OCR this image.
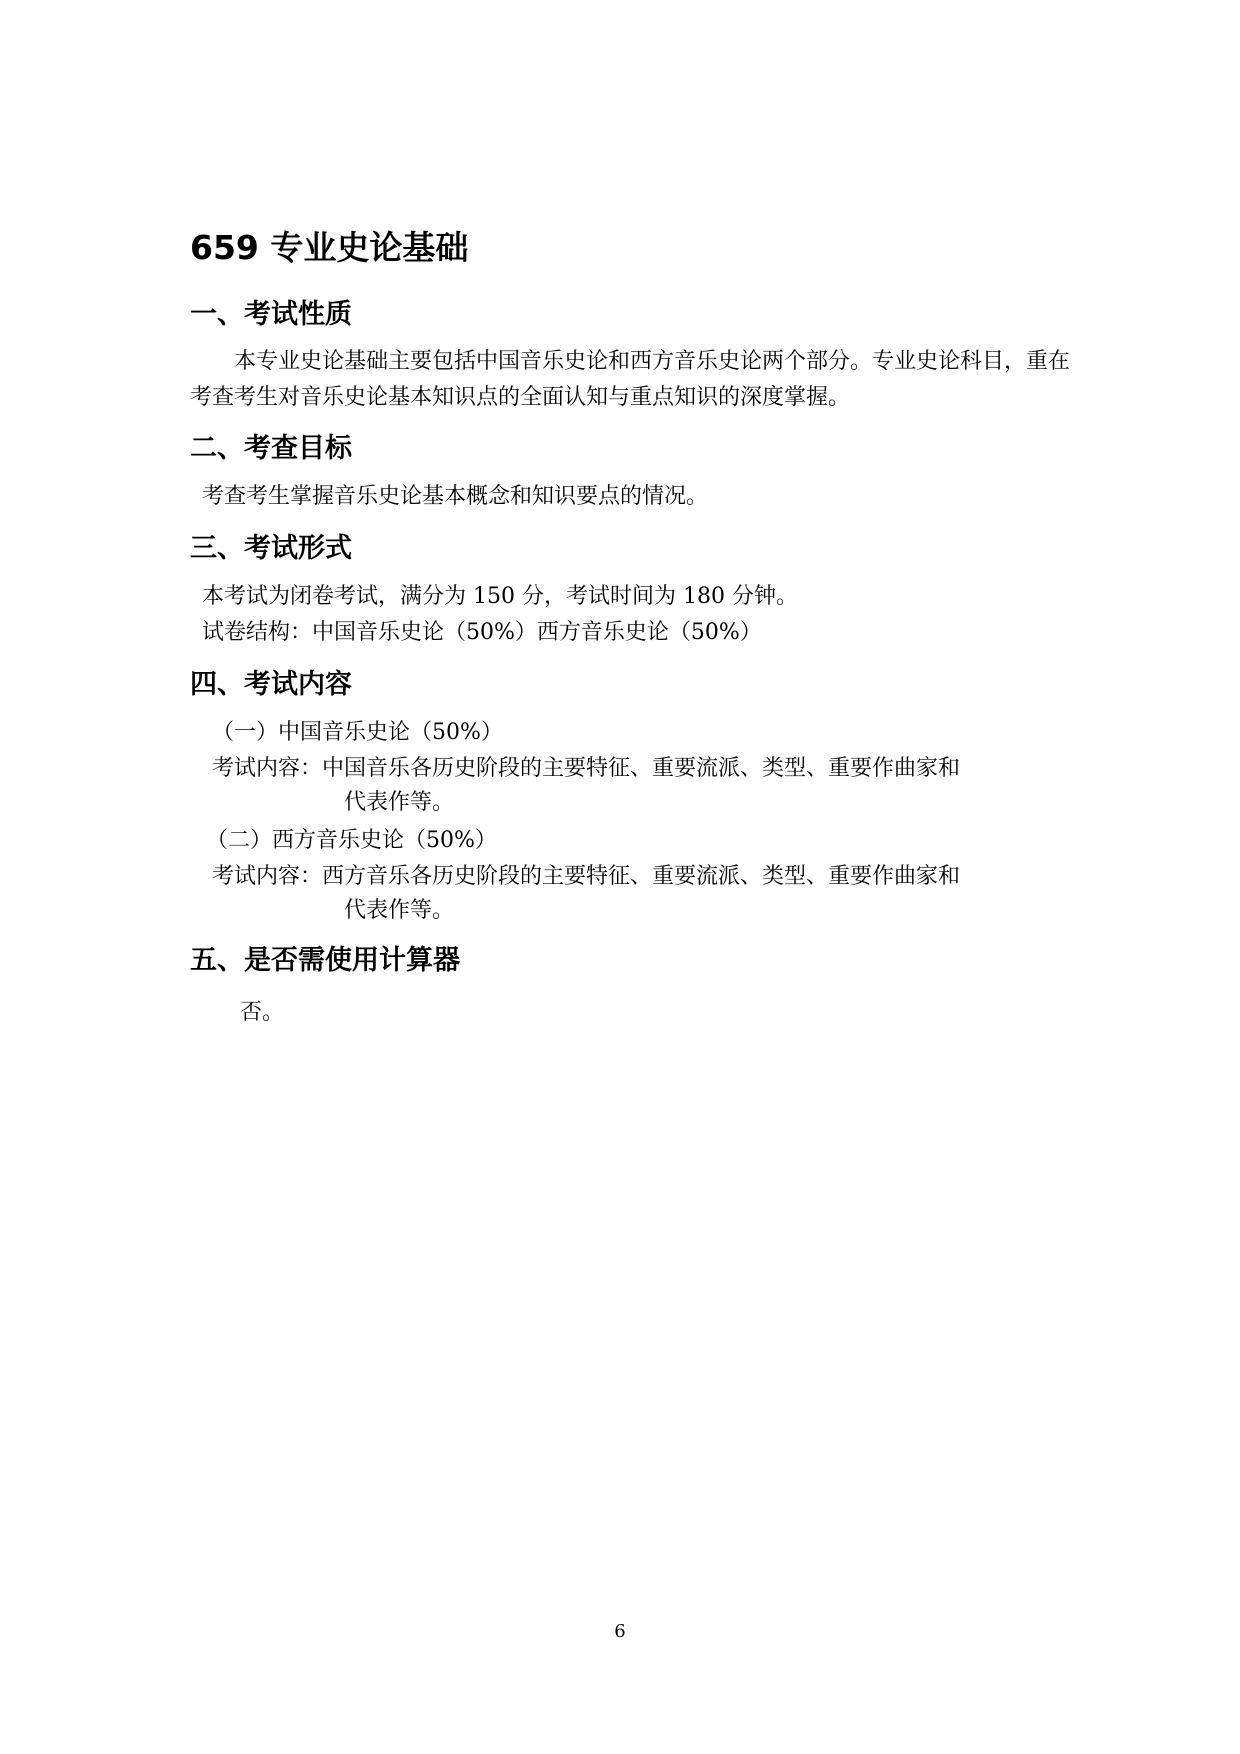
659 专业史论基础
一、考试性质
本专业史论基础主要包括中国音乐史论和西方音乐史论两个部分。专业史论科目，重在考查考生对音乐史论基本知识点的全面认知与重点知识的深度掌握。
二、考查目标
考查考生掌握音乐史论基本概念和知识要点的情况。
三、考试形式
本考试为闭卷考试，满分为 150 分，考试时间为 180 分钟。
试卷结构：中国音乐史论（50%）西方音乐史论（50%）
四、考试内容
（一）中国音乐史论（50%）
考试内容：中国音乐各历史阶段的主要特征、重要流派、类型、重要作曲家和
代表作等。
（二）西方音乐史论（50%）
考试内容：西方音乐各历史阶段的主要特征、重要流派、类型、重要作曲家和
代表作等。
五、是否需使用计算器
否。
6
